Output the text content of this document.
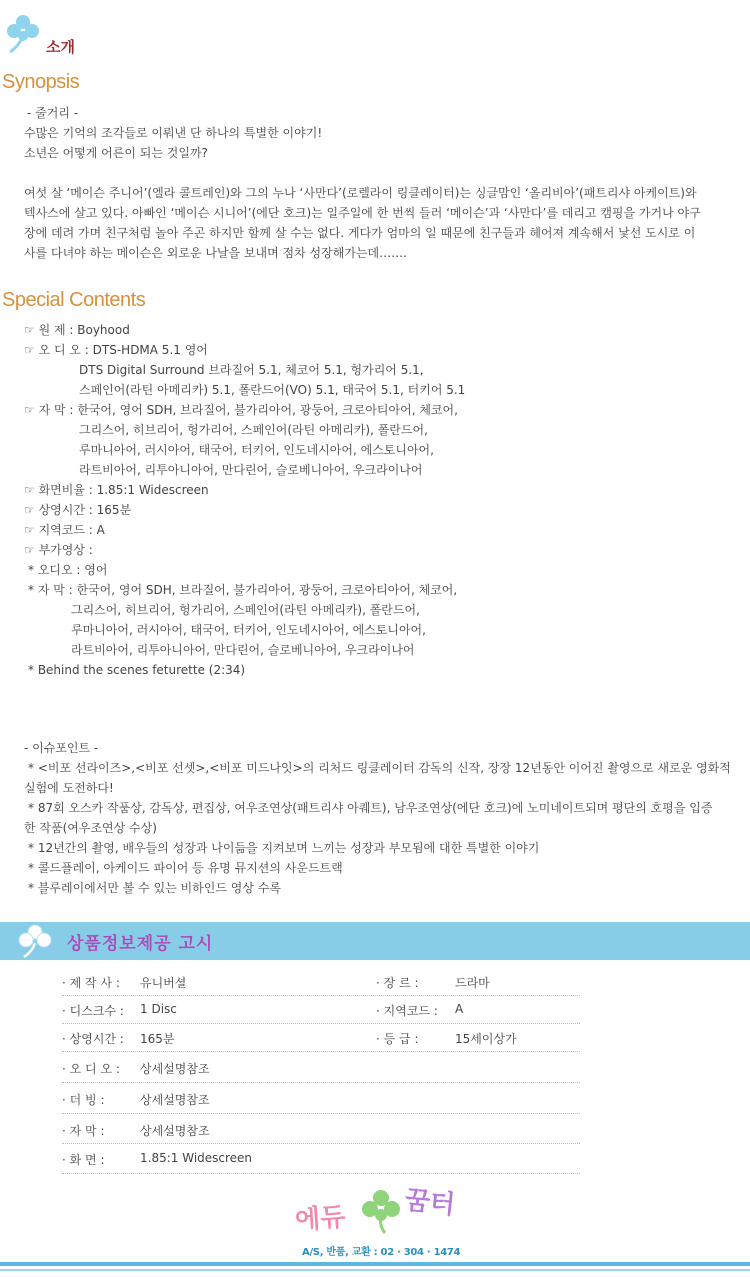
소개
Synopsis
- 줄거리 -
수많은 기억의 조각들로 이뤄낸 단 하나의 특별한 이야기!
소년은 어떻게 어른이 되는 것일까?
여섯 살 ‘메이슨 주니어’(엘라 콜트레인)와 그의 누나 ‘사만다’(로렐라이 링클레이터)는 싱글맘인 ‘올리비아’(패트리샤 아케이트)와
텍사스에 살고 있다. 아빠인 ‘메이슨 시니어’(에단 호크)는 일주일에 한 번씩 들러 ‘메이슨’과 ‘사만다’를 데리고 캠핑을 가거나 야구
장에 데려 가며 친구처럼 놀아 주곤 하지만 함께 살 수는 없다. 게다가 엄마의 일 때문에 친구들과 헤어져 계속해서 낯선 도시로 이
사를 다녀야 하는 메이슨은 외로운 나날을 보내며 점차 성장해가는데…….
Special Contents
☞ 원 제 : Boyhood
☞ 오 디 오 : DTS-HDMA 5.1 영어
DTS Digital Surround 브라질어 5.1, 체코어 5.1, 헝가리어 5.1,
스페인어(라틴 아메리카) 5.1, 폴란드어(VO) 5.1, 태국어 5.1, 터키어 5.1
☞ 자 막 : 한국어, 영어 SDH, 브라질어, 불가리아어, 광둥어, 크로아티아어, 체코어,
그리스어, 히브리어, 헝가리어, 스페인어(라틴 아메리카), 폴란드어,
루마니아어, 러시아어, 태국어, 터키어, 인도네시아어, 에스토니아어,
라트비아어, 리투아니아어, 만다린어, 슬로베니아어, 우크라이나어
☞ 화면비율 : 1.85:1 Widescreen
☞ 상영시간 : 165분
☞ 지역코드 : A
☞ 부가영상 :
* 오디오 : 영어
* 자 막 : 한국어, 영어 SDH, 브라질어, 불가리아어, 광둥어, 크로아티아어, 체코어,
그리스어, 히브리어, 헝가리어, 스페인어(라틴 아메리카), 폴란드어,
루마니아어, 러시아어, 태국어, 터키어, 인도네시아어, 에스토니아어,
라트비아어, 리투아니아어, 만다린어, 슬로베니아어, 우크라이나어
* Behind the scenes feturette (2:34)
- 이슈포인트 -
* <비포 선라이즈>,<비포 선셋>,<비포 미드나잇>의 리처드 링클레이터 감독의 신작, 장장 12년동안 이어진 촬영으로 새로운 영화적
실험에 도전하다!
* 87회 오스카 작품상, 감독상, 편집상, 여우조연상(패트리샤 아퀘트), 남우조연상(에단 호크)에 노미네이트되며 평단의 호평을 입증
한 작품(여우조연상 수상)
* 12년간의 촬영, 배우들의 성장과 나이듦을 지켜보며 느끼는 성장과 부모됨에 대한 특별한 이야기
* 콜드플레이, 아케이드 파이어 등 유명 뮤지션의 사운드트랙
* 블루레이에서만 볼 수 있는 비하인드 영상 수록
상품정보제공 고시
· 제 작 사 : 유니버셜	· 장 르 :	드라마
· 디스크수 : 1 Disc	· 지역코드 : A
· 상영시간 : 165분	· 등 급 :	15세이상가
· 오 디 오 : 상세설명참조
· 더 빙 :	상세설명참조
· 자 막 :	상세설명참조
· 화 면 :	1.85:1 Widescreen
에듀 꿈터
A/S, 반품, 교환 : 02 · 304 · 1474
